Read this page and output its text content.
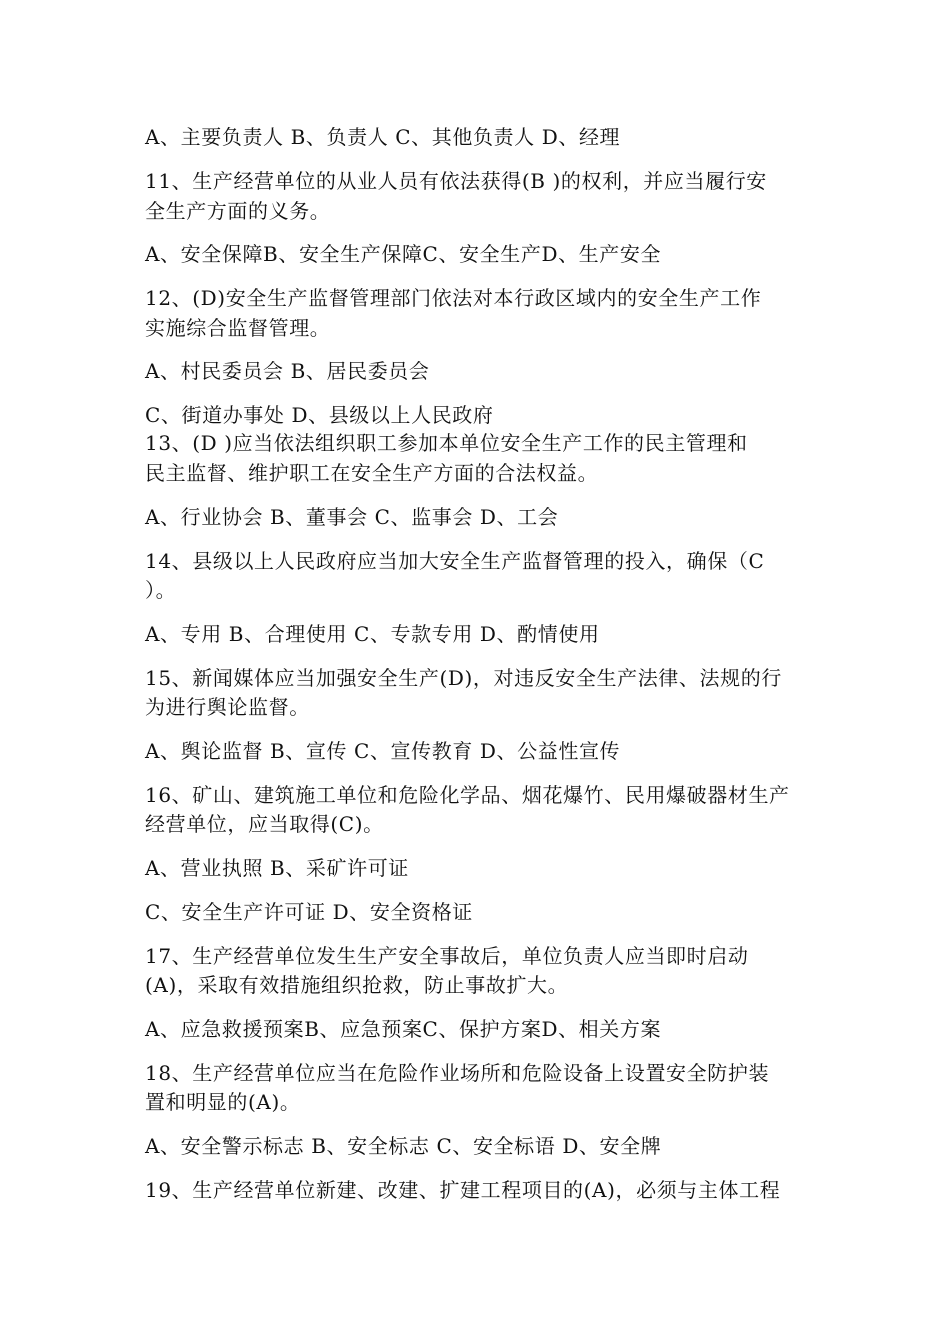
A、主要负责人 B、负责人 C、其他负责人 D、经理
11、生产经营单位的从业人员有依法获得(B )的权利，并应当履行安
全生产方面的义务。
A、安全保障B、安全生产保障C、安全生产D、生产安全
12、(D)安全生产监督管理部门依法对本行政区域内的安全生产工作
实施综合监督管理。
A、村民委员会 B、居民委员会
C、街道办事处 D、县级以上人民政府
13、(D )应当依法组织职工参加本单位安全生产工作的民主管理和
民主监督、维护职工在安全生产方面的合法权益。
A、行业协会 B、董事会 C、监事会 D、工会
14、县级以上人民政府应当加大安全生产监督管理的投入，确保（C
）。
A、专用 B、合理使用 C、专款专用 D、酌情使用
15、新闻媒体应当加强安全生产(D)，对违反安全生产法律、法规的行
为进行舆论监督。
A、舆论监督 B、宣传 C、宣传教育 D、公益性宣传
16、矿山、建筑施工单位和危险化学品、烟花爆竹、民用爆破器材生产
经营单位，应当取得(C)。
A、营业执照 B、采矿许可证
C、安全生产许可证 D、安全资格证
17、生产经营单位发生生产安全事故后，单位负责人应当即时启动
(A)，采取有效措施组织抢救，防止事故扩大。
A、应急救援预案B、应急预案C、保护方案D、相关方案
18、生产经营单位应当在危险作业场所和危险设备上设置安全防护装
置和明显的(A)。
A、安全警示标志 B、安全标志 C、安全标语 D、安全牌
19、生产经营单位新建、改建、扩建工程项目的(A)，必须与主体工程
